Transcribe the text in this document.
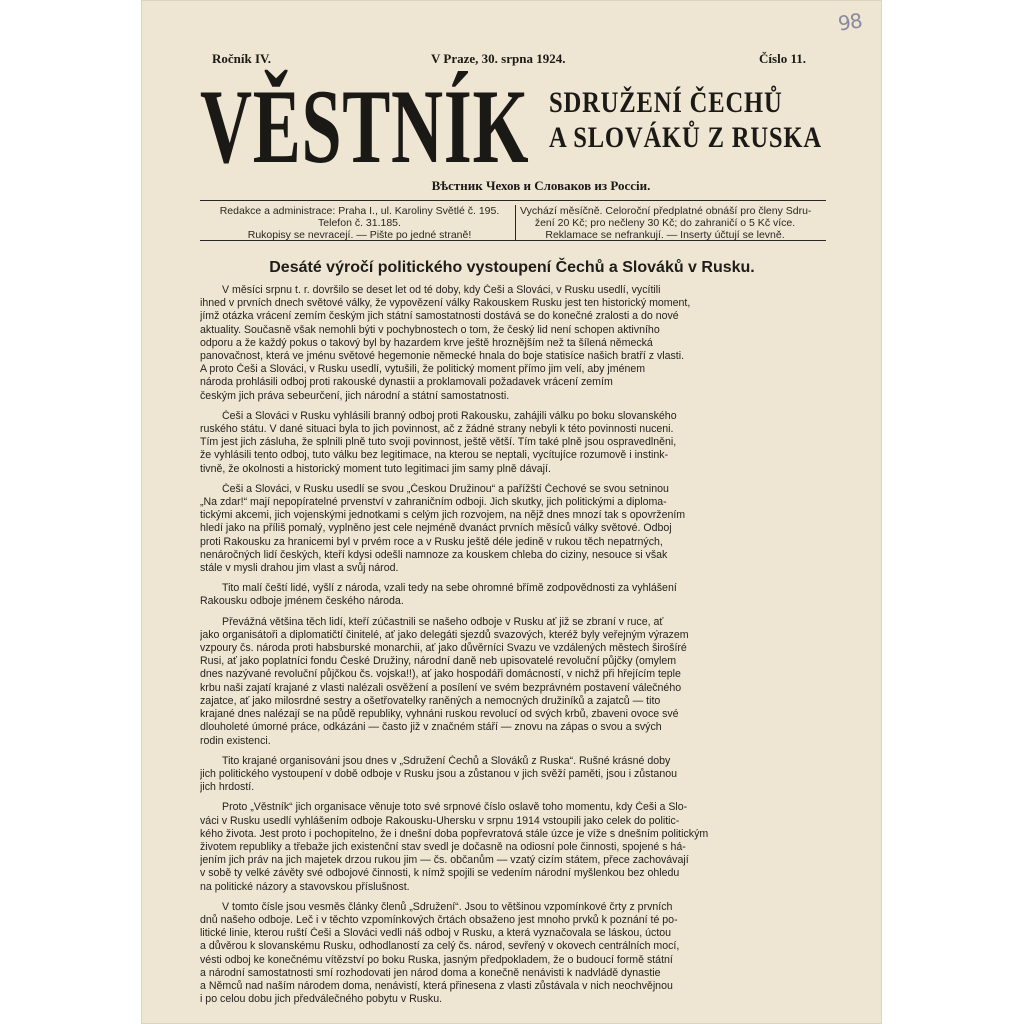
98
Ročník IV.	V Praze, 30. srpna 1924.	Číslo 11.
VĚSTNÍK SDRUŽENÍ ČECHŮ
A SLOVÁKŮ Z RUSKA
Вѣстник Чехов и Словаков из Россіи.
Redakce a administrace: Praha I., ul. Karoliny Světlé č. 195.
Telefon č. 31.185.
Rukopisy se nevracejí. — Pište po jedné straně!
Vychází měsíčně. Celoroční předplatné obnáší pro členy Sdru-
žení 20 Kč; pro nečleny 30 Kč; do zahraničí o 5 Kč více.
Reklamace se nefrankují. — Inserty účtují se levně.
Desáté výročí politického vystoupení Čechů a Slováků v Rusku.
V měsíci srpnu t. r. dovršilo se deset let od té doby, kdy Češi a Slováci, v Rusku usedlí, vycítili
ihned v prvních dnech světové války, že vypovězení války Rakouskem Rusku jest ten historický moment,
jímž otázka vrácení zemím českým jich státní samostatnosti dostává se do konečné zralosti a do nové
aktuality. Současně však nemohli býti v pochybnostech o tom, že český lid není schopen aktivního
odporu a že každý pokus o takový byl by hazardem krve ještě hroznějším než ta šílená německá
panovačnost, která ve jménu světové hegemonie německé hnala do boje statisíce našich bratří z vlasti.
A proto Češi a Slováci, v Rusku usedlí, vytušili, že politický moment přímo jim velí, aby jménem
národa prohlásili odboj proti rakouské dynastii a proklamovali požadavek vrácení zemím
českým jich práva sebeurčení, jich národní a státní samostatnosti.
Češi a Slováci v Rusku vyhlásili branný odboj proti Rakousku, zahájili válku po boku slovanského
ruského státu. V dané situaci byla to jich povinnost, ač z žádné strany nebyli k této povinnosti nuceni.
Tím jest jich zásluha, že splnili plně tuto svoji povinnost, ještě větší. Tím také plně jsou ospravedlněni,
že vyhlásili tento odboj, tuto válku bez legitimace, na kterou se neptali, vycítujíce rozumově i instink-
tivně, že okolnosti a historický moment tuto legitimaci jim samy plně dávají.
Češi a Slováci, v Rusku usedlí se svou „Českou Družinou“ a pařížští Čechové se svou setninou
„Na zdar!“ mají nepopíratelné prvenství v zahraničním odboji. Jich skutky, jich politickými a diploma-
tickými akcemi, jich vojenskými jednotkami s celým jich rozvojem, na nějž dnes mnozí tak s opovržením
hledí jako na příliš pomalý, vyplněno jest cele nejméně dvanáct prvních měsíců války světové. Odboj
proti Rakousku za hranicemi byl v prvém roce a v Rusku ještě déle jedině v rukou těch nepatrných,
nenáročných lidí českých, kteří kdysi odešli namnoze za kouskem chleba do ciziny, nesouce si však
stále v mysli drahou jim vlast a svůj národ.
Tito malí čeští lidé, vyšlí z národa, vzali tedy na sebe ohromné břímě zodpovědnosti za vyhlášení
Rakousku odboje jménem českého národa.
Převážná většina těch lidí, kteří zúčastnili se našeho odboje v Rusku ať již se zbraní v ruce, ať
jako organisátoři a diplomatičtí činitelé, ať jako delegáti sjezdů svazových, kteréž byly veřejným výrazem
vzpoury čs. národa proti habsburské monarchii, ať jako důvěrníci Svazu ve vzdálených městech širošíré
Rusi, ať jako poplatníci fondu České Družiny, národní daně neb upisovatelé revoluční půjčky (omylem
dnes nazývané revoluční půjčkou čs. vojska!!), ať jako hospodáři domácností, v nichž při hřejícím teple
krbu naši zajatí krajané z vlasti nalézali osvěžení a posílení ve svém bezprávném postavení válečného
zajatce, ať jako milosrdné sestry a ošetřovatelky raněných a nemocných družiníků a zajatců — tito
krajané dnes nalézají se na půdě republiky, vyhnáni ruskou revolucí od svých krbů, zbaveni ovoce své
dlouholeté úmorné práce, odkázáni — často již v značném stáří — znovu na zápas o svou a svých
rodin existenci.
Tito krajané organisováni jsou dnes v „Sdružení Čechů a Slováků z Ruska“. Rušné krásné doby
jich politického vystoupení v době odboje v Rusku jsou a zůstanou v jich svěží paměti, jsou i zůstanou
jich hrdostí.
Proto „Věstník“ jich organisace věnuje toto své srpnové číslo oslavě toho momentu, kdy Češi a Slo-
váci v Rusku usedlí vyhlášením odboje Rakousku-Uhersku v srpnu 1914 vstoupili jako celek do politic-
kého života. Jest proto i pochopitelno, že i dnešní doba popřevratová stále úzce je víže s dnešním politickým
životem republiky a třebaže jich existenční stav svedl je dočasně na odiosní pole činnosti, spojené s há-
jením jich práv na jich majetek drzou rukou jim — čs. občanům — vzatý cizím státem, přece zachovávají
v sobě ty velké závěty své odbojové činnosti, k nímž spojili se vedením národní myšlenkou bez ohledu
na politické názory a stavovskou příslušnost.
V tomto čísle jsou vesměs články členů „Sdružení“. Jsou to většinou vzpomínkové črty z prvních
dnů našeho odboje. Leč i v těchto vzpomínkových črtách obsaženo jest mnoho prvků k poznání té po-
litické linie, kterou ruští Češi a Slováci vedli náš odboj v Rusku, a která vyznačovala se láskou, úctou
a důvěrou k slovanskému Rusku, odhodlaností za celý čs. národ, sevřený v okovech centrálních mocí,
vésti odboj ke konečnému vítězství po boku Ruska, jasným předpokladem, že o budoucí formě státní
a národní samostatnosti smí rozhodovati jen národ doma a konečně nenávisti k nadvládě dynastie
a Němců nad naším národem doma, nenávistí, která přinesena z vlasti zůstávala v nich neochvějnou
i po celou dobu jich předválečného pobytu v Rusku.
